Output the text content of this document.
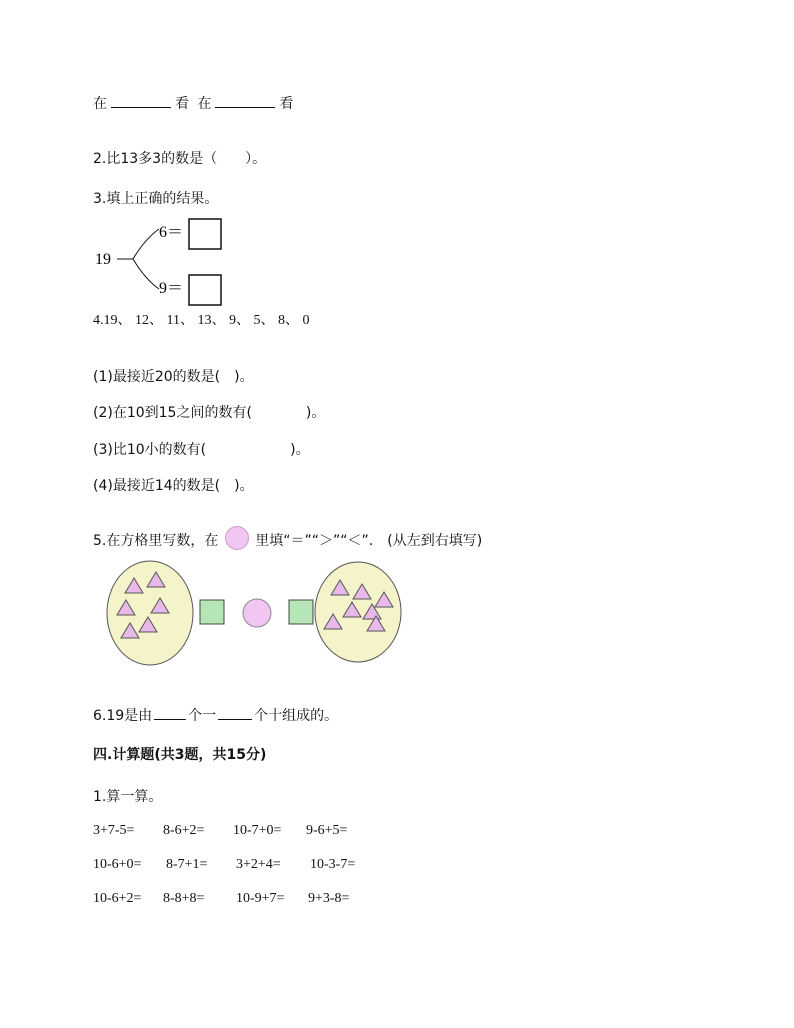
在	看 在	看
2.比13多3的数是（　　）。
3.填上正确的结果。
19
6＝
9＝
4.19、 12、 11、 13、 9、 5、 8、 0
(1)最接近20的数是( )。
(2)在10到15之间的数有(	)。
(3)比10小的数有(	)。
(4)最接近14的数是( )。
5.在方格里写数，在	里填“＝”“＞”“＜”.　(从左到右填写)
6.19是由	个一	个十组成的。
四.计算题(共3题，共15分)
1.算一算。
3+7-5= 8-6+2= 10-7+0= 9-6+5=
10-6+0= 8-7+1= 3+2+4= 10-3-7=
10-6+2= 8-8+8= 10-9+7= 9+3-8=
